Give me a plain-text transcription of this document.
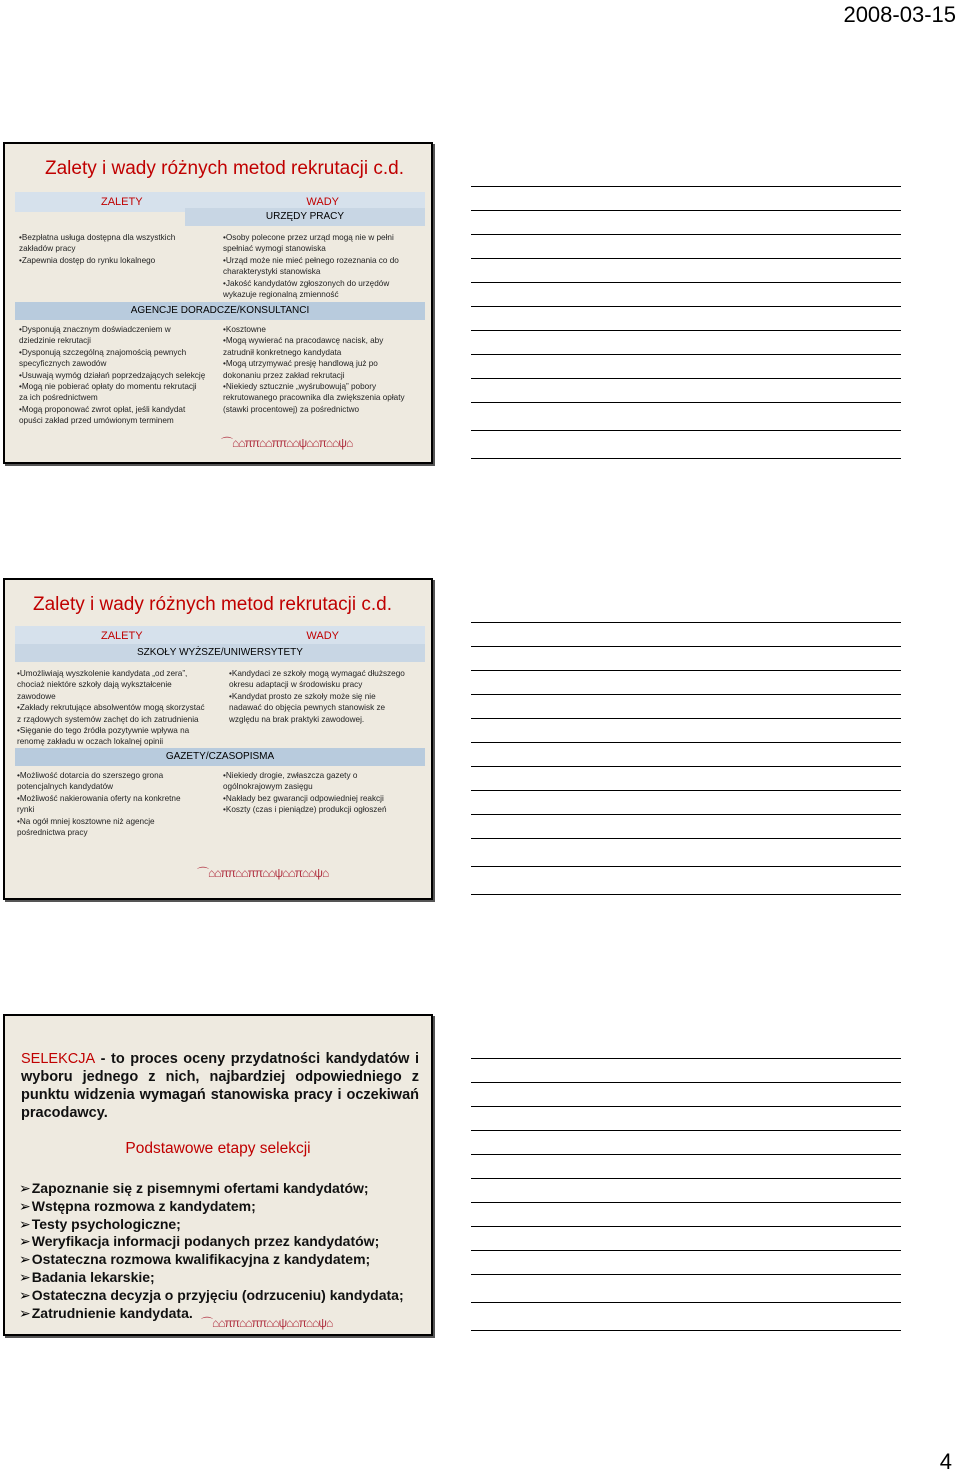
2008-03-15
Zalety i wady różnych metod rekrutacji c.d.
ZALETY	WADY
URZĘDY PRACY
•Bezpłatna usługa dostępna dla wszystkich
zakładów pracy
•Zapewnia dostęp do rynku lokalnego
•Osoby polecone przez urząd mogą nie w pełni
spełniać wymogi stanowiska
•Urząd może nie mieć pełnego rozeznania co do
charakterystyki stanowiska
•Jakość kandydatów zgłoszonych do urzędów
wykazuje regionalną zmienność
AGENCJE DORADCZE/KONSULTANCI
•Dysponują znacznym doświadczeniem w
dziedzinie rekrutacji
•Dysponują szczególną znajomością pewnych
specyficznych zawodów
•Usuwają wymóg działań poprzedzających selekcję
•Mogą nie pobierać opłaty do momentu rekrutacji
za ich pośrednictwem
•Mogą proponować zwrot opłat, jeśli kandydat
opuści zakład przed umówionym terminem
•Kosztowne
•Mogą wywierać na pracodawcę nacisk, aby
zatrudnił konkretnego kandydata
•Mogą utrzymywać presję handlową już po
dokonaniu przez zakład rekrutacji
•Niekiedy sztucznie „wyśrubowują” pobory
rekrutowanego pracownika dla zwiększenia opłaty
(stawki procentowej) za pośrednictwo
⌒⌂⌂ππ⌂⌂ππ⌂⌂ψ⌂⌂π⌂⌂ψ⌂
Zalety i wady różnych metod rekrutacji c.d.
ZALETY	WADY
SZKOŁY WYŻSZE/UNIWERSYTETY
•Umożliwiają wyszkolenie kandydata „od zera”,
chociaż niektóre szkoły dają wykształcenie
zawodowe
•Zakłady rekrutujące absolwentów mogą skorzystać
z rządowych systemów zachęt do ich zatrudnienia
•Sięganie do tego źródła pozytywnie wpływa na
renomę zakładu w oczach lokalnej opinii
•Kandydaci ze szkoły mogą wymagać dłuższego
okresu adaptacji w środowisku pracy
•Kandydat prosto ze szkoły może się nie
nadawać do objęcia pewnych stanowisk ze
względu na brak praktyki zawodowej.
GAZETY/CZASOPISMA
•Możliwość dotarcia do szerszego grona
potencjalnych kandydatów
•Możliwość nakierowania oferty na konkretne
rynki
•Na ogół mniej kosztowne niż agencje
pośrednictwa pracy
•Niekiedy drogie, zwłaszcza gazety o
ogólnokrajowym zasięgu
•Nakłady bez gwarancji odpowiedniej reakcji
•Koszty (czas i pieniądze) produkcji ogłoszeń
⌒⌂⌂ππ⌂⌂ππ⌂⌂ψ⌂⌂π⌂⌂ψ⌂
SELEKCJA - to proces oceny przydatności kandydatów i wyboru jednego z nich, najbardziej odpowiedniego z punktu widzenia wymagań stanowiska pracy i oczekiwań pracodawcy.
Podstawowe etapy selekcji
➢Zapoznanie się z pisemnymi ofertami kandydatów;
➢Wstępna rozmowa z kandydatem;
➢Testy psychologiczne;
➢Weryfikacja informacji podanych przez kandydatów;
➢Ostateczna rozmowa kwalifikacyjna z kandydatem;
➢Badania lekarskie;
➢Ostateczna decyzja o przyjęciu (odrzuceniu) kandydata;
➢Zatrudnienie kandydata.
⌒⌂⌂ππ⌂⌂ππ⌂⌂ψ⌂⌂π⌂⌂ψ⌂
4
